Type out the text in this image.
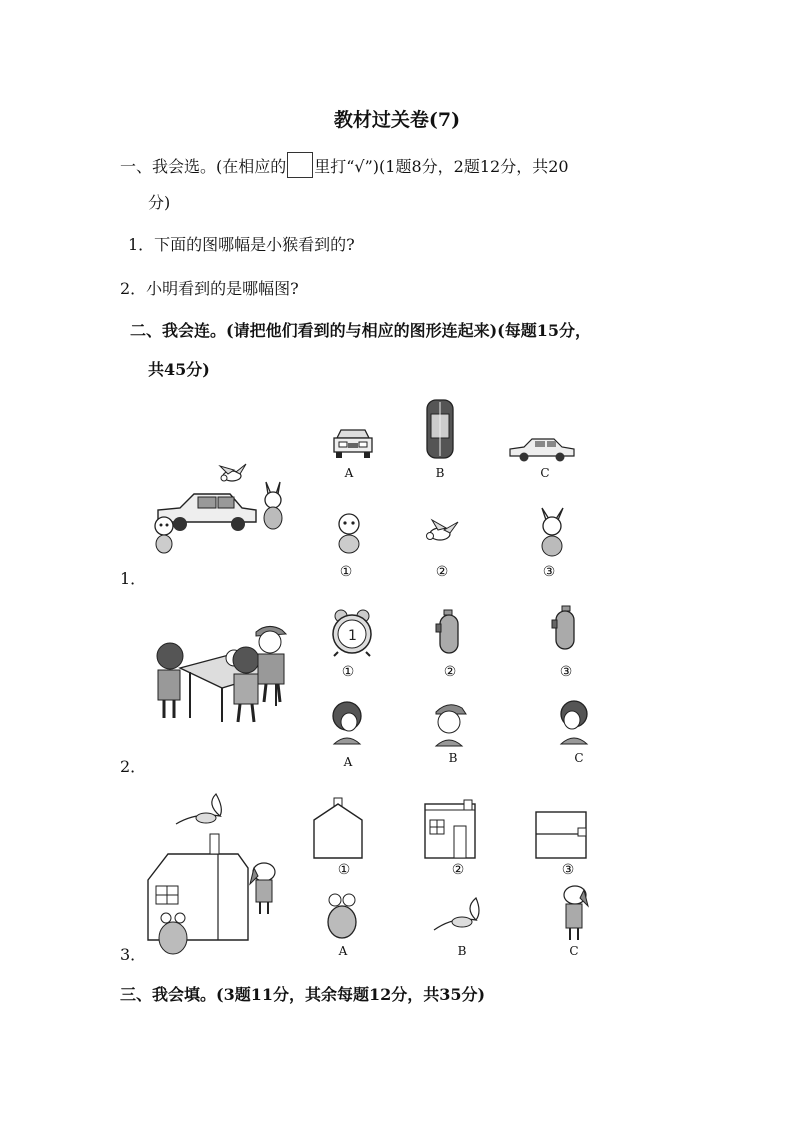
教材过关卷(7)
一、我会选。(在相应的 里打“√”)(1题8分，2题12分，共20
分)
1．下面的图哪幅是小猴看到的?
2．小明看到的是哪幅图?
二、我会连。(请把他们看到的与相应的图形连起来)(每题15分，
共45分)
1．
A	B	C
①	②	③
2．
1
①	②	③
A	B	C
3．
①	②	③
A	B	C
三、我会填。(3题11分，其余每题12分，共35分)
